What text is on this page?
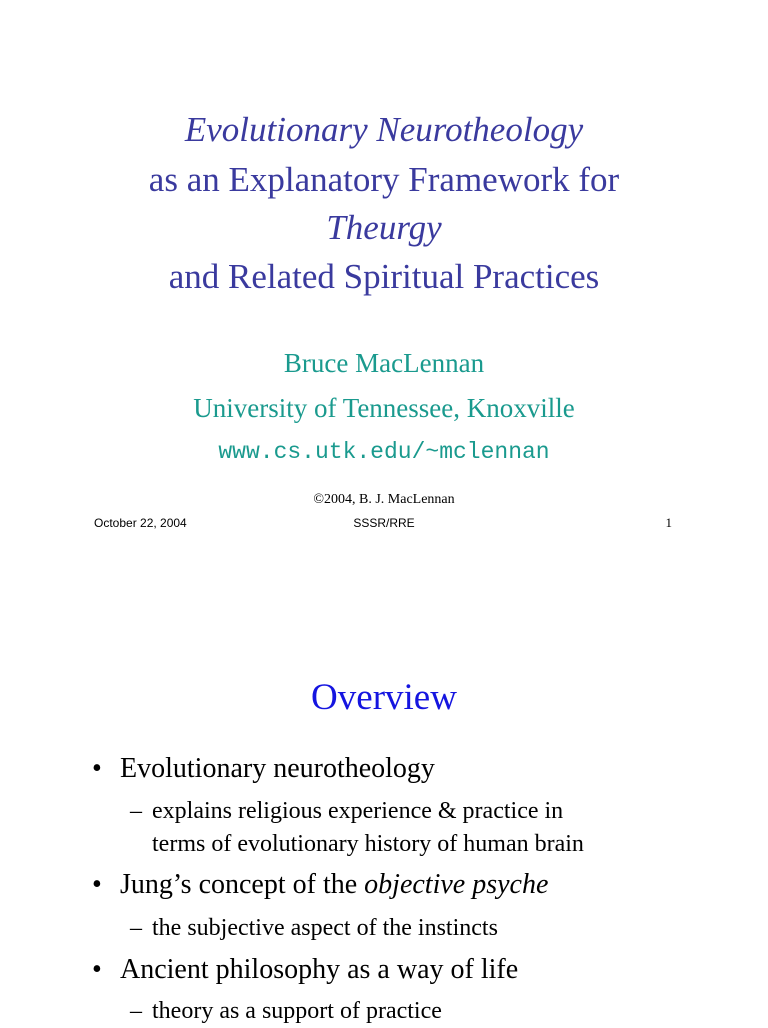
Evolutionary Neurotheology
as an Explanatory Framework for
Theurgy
and Related Spiritual Practices
Bruce MacLennan
University of Tennessee, Knoxville
www.cs.utk.edu/~mclennan
©2004, B. J. MacLennan
October 22, 2004	SSSR/RRE	1
Overview
• Evolutionary neurotheology
– explains religious experience & practice in
terms of evolutionary history of human brain
• Jung’s concept of the objective psyche
– the subjective aspect of the instincts
• Ancient philosophy as a way of life
– theory as a support of practice
